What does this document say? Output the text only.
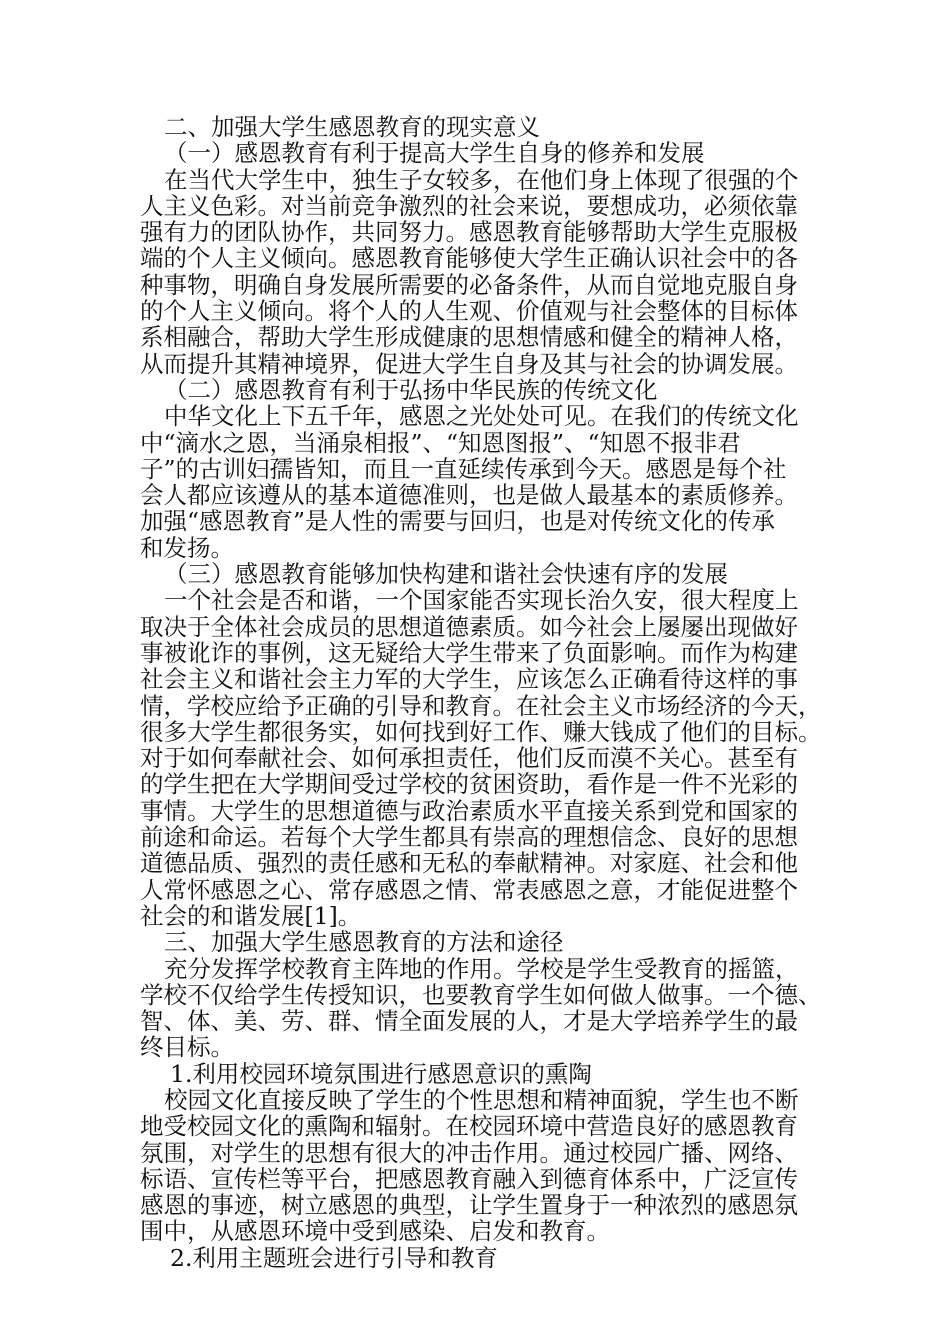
二、加强大学生感恩教育的现实意义
（一）感恩教育有利于提高大学生自身的修养和发展
在当代大学生中，独生子女较多，在他们身上体现了很强的个
人主义色彩。对当前竞争激烈的社会来说，要想成功，必须依靠
强有力的团队协作，共同努力。感恩教育能够帮助大学生克服极
端的个人主义倾向。感恩教育能够使大学生正确认识社会中的各
种事物，明确自身发展所需要的必备条件，从而自觉地克服自身
的个人主义倾向。将个人的人生观、价值观与社会整体的目标体
系相融合，帮助大学生形成健康的思想情感和健全的精神人格，
从而提升其精神境界，促进大学生自身及其与社会的协调发展。
（二）感恩教育有利于弘扬中华民族的传统文化
中华文化上下五千年，感恩之光处处可见。在我们的传统文化
中“滴水之恩，当涌泉相报”、“知恩图报”、“知恩不报非君
子”的古训妇孺皆知，而且一直延续传承到今天。感恩是每个社
会人都应该遵从的基本道德准则，也是做人最基本的素质修养。
加强“感恩教育”是人性的需要与回归，也是对传统文化的传承
和发扬。
（三）感恩教育能够加快构建和谐社会快速有序的发展
一个社会是否和谐，一个国家能否实现长治久安，很大程度上
取决于全体社会成员的思想道德素质。如今社会上屡屡出现做好
事被讹诈的事例，这无疑给大学生带来了负面影响。而作为构建
社会主义和谐社会主力军的大学生，应该怎么正确看待这样的事
情，学校应给予正确的引导和教育。在社会主义市场经济的今天，
很多大学生都很务实，如何找到好工作、赚大钱成了他们的目标。
对于如何奉献社会、如何承担责任，他们反而漠不关心。甚至有
的学生把在大学期间受过学校的贫困资助，看作是一件不光彩的
事情。大学生的思想道德与政治素质水平直接关系到党和国家的
前途和命运。若每个大学生都具有崇高的理想信念、良好的思想
道德品质、强烈的责任感和无私的奉献精神。对家庭、社会和他
人常怀感恩之心、常存感恩之情、常表感恩之意，才能促进整个
社会的和谐发展[1]。
三、加强大学生感恩教育的方法和途径
充分发挥学校教育主阵地的作用。学校是学生受教育的摇篮，
学校不仅给学生传授知识，也要教育学生如何做人做事。一个德、
智、体、美、劳、群、情全面发展的人，才是大学培养学生的最
终目标。
1.利用校园环境氛围进行感恩意识的熏陶
校园文化直接反映了学生的个性思想和精神面貌，学生也不断
地受校园文化的熏陶和辐射。在校园环境中营造良好的感恩教育
氛围，对学生的思想有很大的冲击作用。通过校园广播、网络、
标语、宣传栏等平台，把感恩教育融入到德育体系中，广泛宣传
感恩的事迹，树立感恩的典型，让学生置身于一种浓烈的感恩氛
围中，从感恩环境中受到感染、启发和教育。
2.利用主题班会进行引导和教育
